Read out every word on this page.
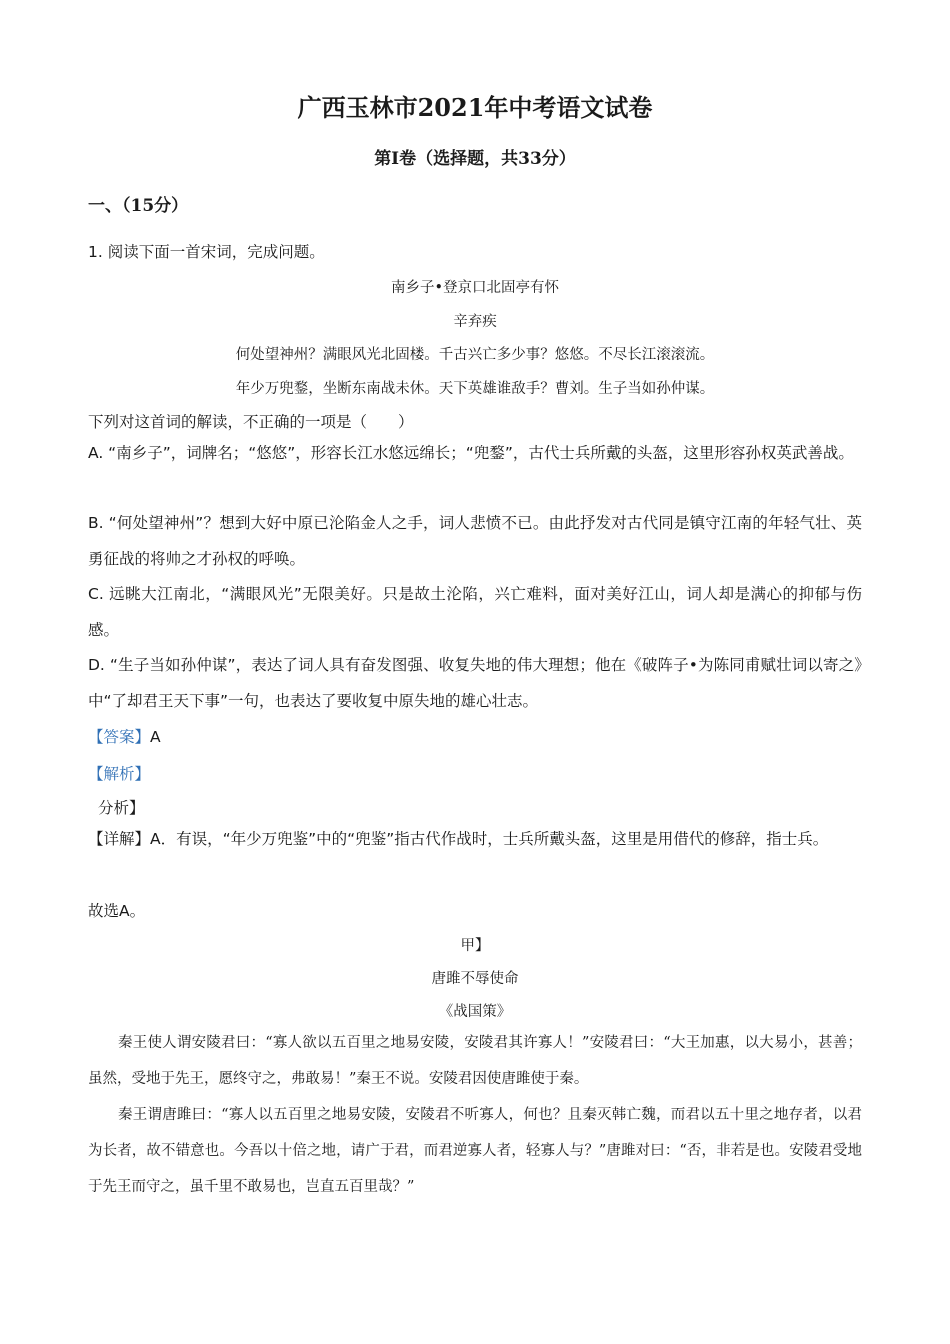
广西玉林市2021年中考语文试卷
第I卷（选择题，共33分）
一、（15分）
1. 阅读下面一首宋词，完成问题。
南乡子•登京口北固亭有怀
辛弃疾
何处望神州？满眼风光北固楼。千古兴亡多少事？悠悠。不尽长江滚滚流。
年少万兜鍪，坐断东南战未休。天下英雄谁敌手？曹刘。生子当如孙仲谋。
下列对这首词的解读，不正确的一项是（　　）
A. “南乡子”，词牌名；“悠悠”，形容长江水悠远绵长；“兜鍪”，古代士兵所戴的头盔，这里形容孙权英武善战。
B. “何处望神州”？想到大好中原已沦陷金人之手，词人悲愤不已。由此抒发对古代同是镇守江南的年轻气壮、英勇征战的将帅之才孙权的呼唤。
C. 远眺大江南北，“满眼风光”无限美好。只是故土沦陷，兴亡难料，面对美好江山，词人却是满心的抑郁与伤感。
D. “生子当如孙仲谋”，表达了词人具有奋发图强、收复失地的伟大理想；他在《破阵子•为陈同甫赋壮词以寄之》中“了却君王天下事”一句，也表达了要收复中原失地的雄心壮志。
【答案】A
【解析】
分析】
【详解】A．有误，“年少万兜鉴”中的“兜鉴”指古代作战时，士兵所戴头盔，这里是用借代的修辞，指士兵。
故选A。
甲】
唐雎不辱使命
《战国策》
秦王使人谓安陵君曰：“寡人欲以五百里之地易安陵，安陵君其许寡人！”安陵君曰：“大王加惠，以大易小，甚善；虽然，受地于先王，愿终守之，弗敢易！”秦王不说。安陵君因使唐雎使于秦。
秦王谓唐雎曰：“寡人以五百里之地易安陵，安陵君不听寡人，何也？且秦灭韩亡魏，而君以五十里之地存者，以君为长者，故不错意也。今吾以十倍之地，请广于君，而君逆寡人者，轻寡人与？”唐雎对曰：“否，非若是也。安陵君受地于先王而守之，虽千里不敢易也，岂直五百里哉？”
